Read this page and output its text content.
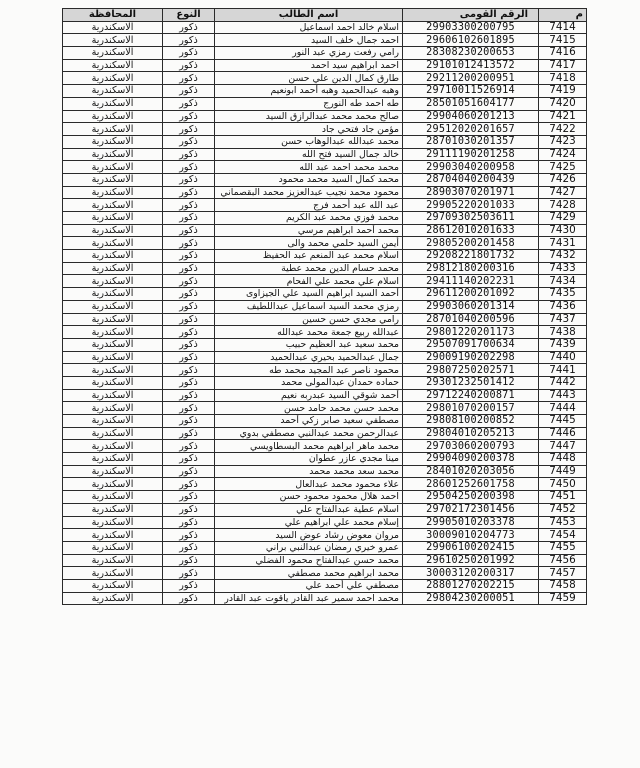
م	الرقم القومى	اسم الطالب	النوع	المحافظة
7414	29903300200795	اسلام خالد احمد اسماعيل	ذكور	الاسكندرية
7415	29606102601895	احمد جمال خلف السيد	ذكور	الاسكندرية
7416	28308230200653	رامي رفعت رمزي عبد النور	ذكور	الاسكندرية
7417	29101012413572	احمد ابراهيم سيد احمد	ذكور	الاسكندرية
7418	29211200200951	طارق كمال الدين علي حسن	ذكور	الاسكندرية
7419	29710011526914	وهبه عبدالحميد وهبه أحمد ابونعيم	ذكور	الاسكندرية
7420	28501051604177	طه احمد طه النورج	ذكور	الاسكندرية
7421	29904060201213	صالح محمد محمد عبدالرازق السيد	ذكور	الاسكندرية
7422	29512020201657	مؤمن جاد فتحي جاد	ذكور	الاسكندرية
7423	28701030201357	محمد عبدالله عبدالوهاب حسن	ذكور	الاسكندرية
7424	29111190201258	خالد جمال السيد فتح الله	ذكور	الاسكندرية
7425	29903040200958	محمد محمد احمد عبد الله	ذكور	الاسكندرية
7426	28704040200439	محمد كمال السيد محمد محمود	ذكور	الاسكندرية
7427	28903070201971	محمود محمد نجيب عبدالعزيز محمد البقصماني	ذكور	الاسكندرية
7428	29905220201033	عبد الله عبد أحمد فرج	ذكور	الاسكندرية
7429	29709302503611	محمد فوزي محمد عبد الكريم	ذكور	الاسكندرية
7430	28612010201633	محمد أحمد ابراهيم مرسي	ذكور	الاسكندرية
7431	29805200201458	أيمن السيد حلمي محمد والى	ذكور	الاسكندرية
7432	29208221801732	اسلام محمد عبد المنعم عبد الحفيظ	ذكور	الاسكندرية
7433	29812180200316	محمد حسام الدين محمد عطية	ذكور	الاسكندرية
7434	29411140202231	اسلام علي محمد علي الفحام	ذكور	الاسكندرية
7435	29611200201092	أحمد السيد ابراهيم السيد علي الجيزاوى	ذكور	الاسكندرية
7436	29903060201314	رمزي محمد السيد اسماعيل عبداللطيف	ذكور	الاسكندرية
7437	28701040200596	رامي مجدي حسن حسين	ذكور	الاسكندرية
7438	29801220201173	عبدالله ربيع جمعة محمد عبدالله	ذكور	الاسكندرية
7439	29507091700634	محمد سعيد عبد العظيم حبيب	ذكور	الاسكندرية
7440	29009190202298	جمال عبدالحميد بحيري عبدالحميد	ذكور	الاسكندرية
7441	29807250202571	محمود ناصر عبد المجيد محمد طه	ذكور	الاسكندرية
7442	29301232501412	حماده حمدان عبدالمولى محمد	ذكور	الاسكندرية
7443	29712240200871	أحمد شوقي السيد عبدربه نعيم	ذكور	الاسكندرية
7444	29801070200157	محمد حسن محمد حامد حسن	ذكور	الاسكندرية
7445	29808100200852	مصطفي سعيد صابر زكي أحمد	ذكور	الاسكندرية
7446	29804010205213	عبدالرحمن محمد عبدالنبي مصطفي بدوي	ذكور	الاسكندرية
7447	29703060200793	محمد ماهر ابراهيم محمد البسطاويسي	ذكور	الاسكندرية
7448	29904090200378	مينا مجدي عازر عطوان	ذكور	الاسكندرية
7449	28401020203056	محمد سعد محمد محمد	ذكور	الاسكندرية
7450	28601252601758	علاء محمود محمد عبدالعال	ذكور	الاسكندرية
7451	29504250200398	احمد هلال محمود محمود حسن	ذكور	الاسكندرية
7452	29702172301456	اسلام عطية عبدالفتاح علي	ذكور	الاسكندرية
7453	29905010203378	إسلام محمد علي ابراهيم علي	ذكور	الاسكندرية
7454	30009010204773	مروان معوض رشاد عوض السيد	ذكور	الاسكندرية
7455	29906100202415	عمرو خيري رمضان عبدالنبي براني	ذكور	الاسكندرية
7456	29610250201992	محمد حسن عبدالفتاح محمود الفضلي	ذكور	الاسكندرية
7457	30003120200317	محمد ابراهيم محمد مصطفي	ذكور	الاسكندرية
7458	28801270202215	مصطفي علي أحمد علي	ذكور	الاسكندرية
7459	29804230200051	محمد احمد سمير عبد القادر ياقوت عبد القادر	ذكور	الاسكندرية
